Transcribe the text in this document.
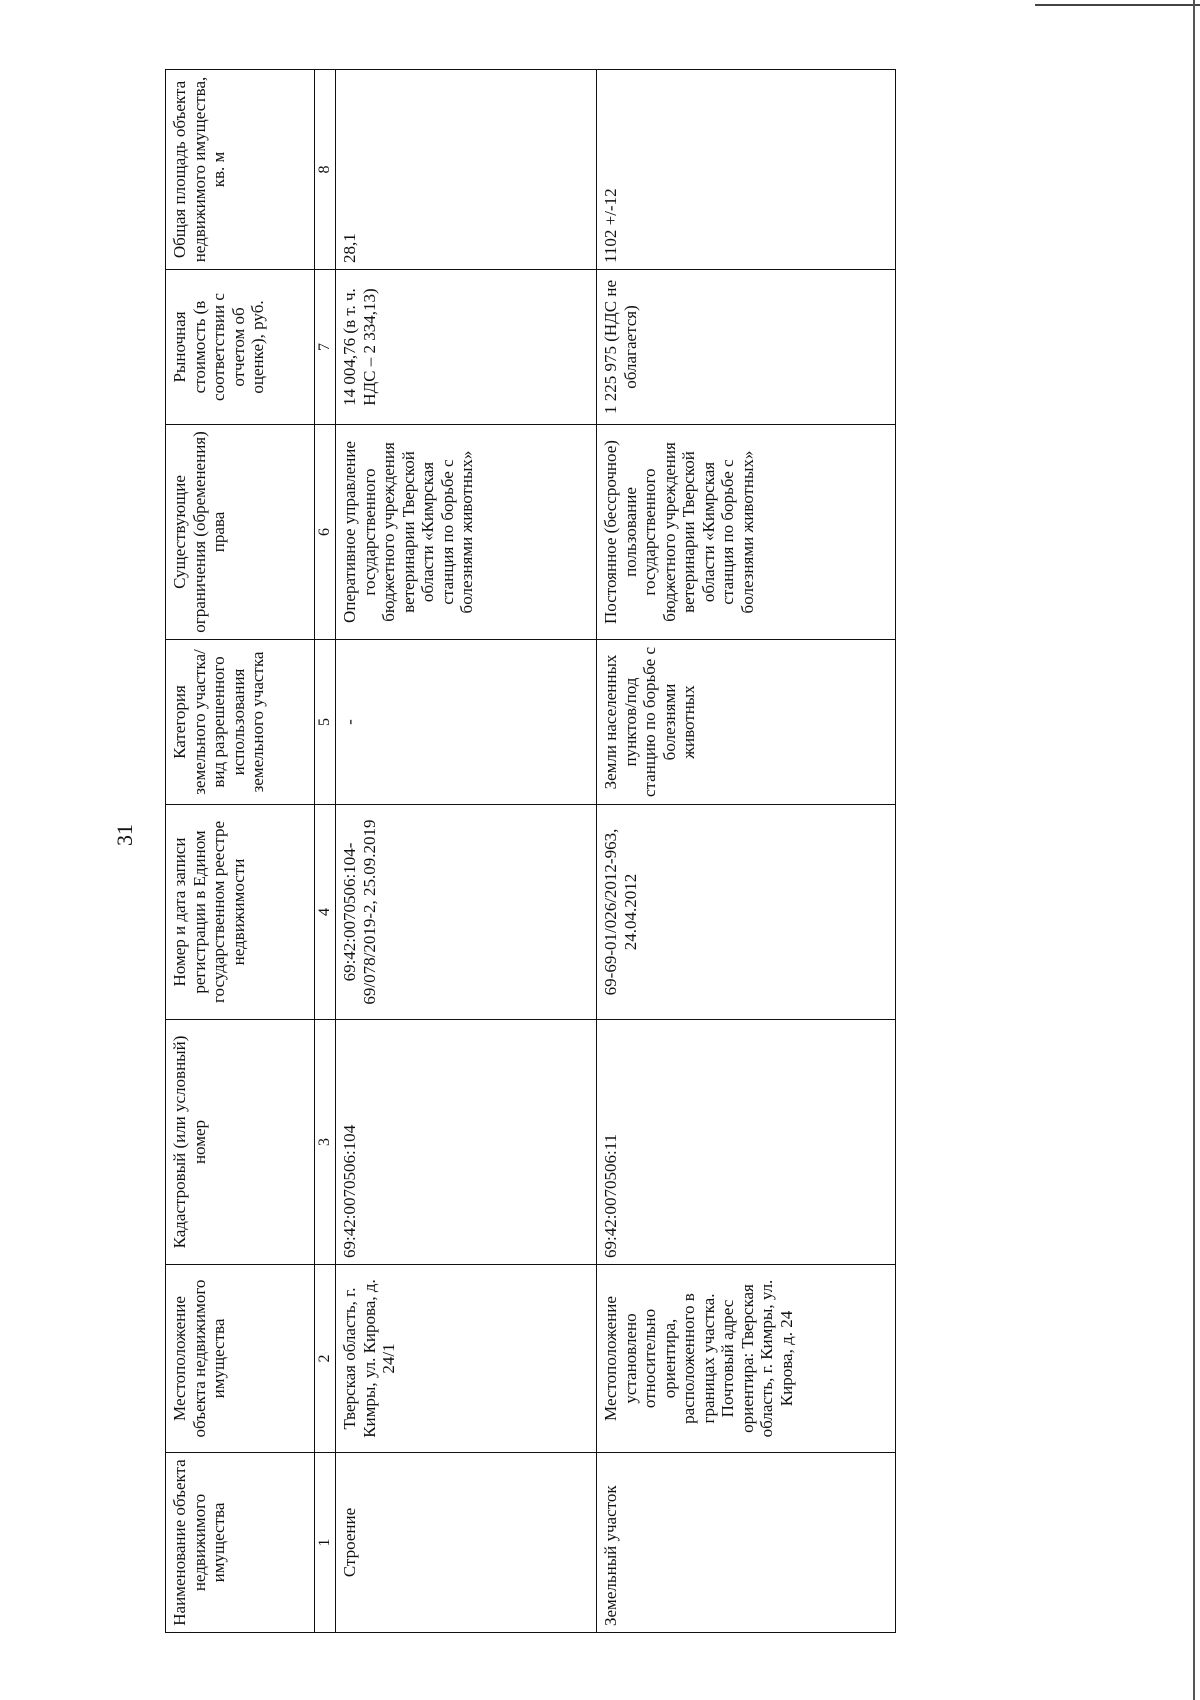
31
Наименование объекта недвижимого имущества	Местоположение объекта недвижимого имущества	Кадастровый (или условный) номер	Номер и дата записи регистрации в Едином государственном реестре недвижимости	Категория земельного участка/вид разрешенного использования земельного участка	Существующие ограничения (обременения) права	Рыночная стоимость (в соответствии с отчетом об оценке), руб.	Общая площадь объекта недвижимого имущества, кв. м
1	2	3	4	5	6	7	8
Строение	Тверская область, г. Кимры, ул. Кирова, д. 24/1	69:42:0070506:104	69:42:0070506:104-69/078/2019-2, 25.09.2019	-	Оперативное управление государственного бюджетного учреждения ветеринарии Тверской области «Кимрская станция по борьбе с болезнями животных»	14 004,76 (в т. ч. НДС – 2 334,13)	28,1
Земельный участок	Местоположение установлено относительно ориентира, расположенного в границах участка. Почтовый адрес ориентира: Тверская область, г. Кимры, ул. Кирова, д. 24	69:42:0070506:11	69-69-01/026/2012-963, 24.04.2012	Земли населенных пунктов/под станцию по борьбе с болезнями животных	Постоянное (бессрочное) пользование государственного бюджетного учреждения ветеринарии Тверской области «Кимрская станция по борьбе с болезнями животных»	1 225 975 (НДС не облагается)	1102 +/-12
